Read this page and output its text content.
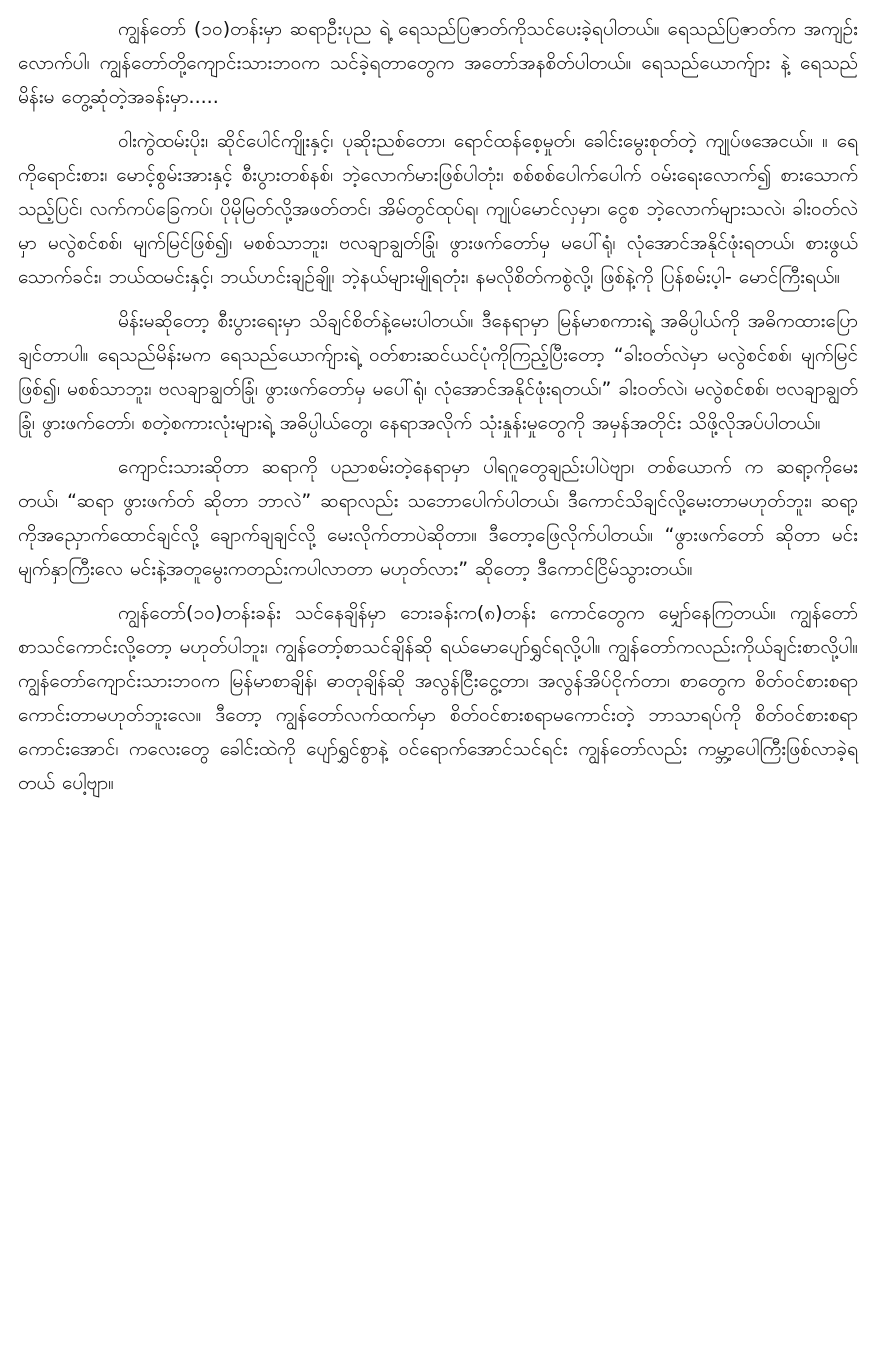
ကျွန်တော် (၁၀)တန်းမှာ ဆရာဦးပုည ရဲ့ ရေသည်ပြဇာတ်ကိုသင်ပေးခဲ့ရပါတယ်။ ရေသည်ပြဇာတ်က အကျဉ်းလောက်ပါ၊ ကျွန်တော်တို့ကျောင်းသားဘဝက သင်ခဲ့ရတာတွေက အတော်အနစိတ်ပါတယ်။ ရေသည်ယောက်ျား နဲ့ ရေသည်မိန်းမ တွေ့ဆုံတဲ့အခန်းမှာ.....

ဝါးကွဲထမ်းပိုး၊ ဆိုင်ပေါင်ကျိုးနှင့်၊ ပုဆိုးညစ်တော၊ ရောင်ထန်စေ့မှုတ်၊ ခေါင်းမွေးစုတ်တဲ့ ကျုပ်ဖအေငယ်။ ။ ရေကိုရောင်းစား၊ မောင့်စွမ်းအားနှင့် စီးပွားတစ်နစ်၊ ဘဲ့လောက်မားဖြစ်ပါတုံး၊ စစ်စစ်ပေါက်ပေါက် ဝမ်းရေးလောက်၍ စားသောက်သည့်ပြင်၊ လက်ကပ်ခြေကပ်၊ ပိုမိုမြတ်လို့အဖတ်တင်၊ အိမ်တွင်ထုပ်ရ၊ ကျုပ်မောင်လှမှာ၊ ငွေစ ဘဲ့လောက်များသလဲ၊ ခါးဝတ်လဲမှာ မလွဲစင်စစ်၊ မျက်မြင်ဖြစ်၍၊ မစစ်သာဘူး၊ ဗလချာချွတ်ခြုံ၊ ဖွားဖက်တော်မှ မပေါ်ရုံ၊ လုံအောင်အနိုင်ဖုံးရတယ်၊ စားဖွယ် သောက်ခင်း၊ ဘယ်ထမင်းနှင့်၊ ဘယ်ဟင်းချဉ်ချို၊ ဘဲ့နယ်များမျိုရတုံး၊ နမလိုစိတ်ကစွဲလို့၊ ဖြစ်နဲ့ကို ပြန်စမ်းပ့ါ- မောင်ကြီးရယ်။

မိန်းမဆိုတော့ စီးပွားရေးမှာ သိချင်စိတ်နဲ့မေးပါတယ်။ ဒီနေရာမှာ မြန်မာစကားရဲ့ အဓိပ္ပါယ်ကို အဓိကထားပြောချင်တာပါ။ ရေသည်မိန်းမက ရေသည်ယောက်ျားရဲ့ ဝတ်စားဆင်ယင်ပုံကိုကြည့်ပြီးတော့ “ခါးဝတ်လဲမှာ မလွဲစင်စစ်၊ မျက်မြင်ဖြစ်၍၊ မစစ်သာဘူး၊ ဗလချာချွတ်ခြုံ၊ ဖွားဖက်တော်မှ မပေါ်ရုံ၊ လုံအောင်အနိုင်ဖုံးရတယ်၊” ခါးဝတ်လဲ၊ မလွဲစင်စစ်၊ ဗလချာချွတ်ခြုံ၊ ဖွားဖက်တော်၊ စတဲ့စကားလုံးများရဲ့ အဓိပ္ပါယ်တွေ၊ နေရာအလိုက် သုံးနှုန်းမှုတွေကို အမှန်အတိုင်း သိဖို့လိုအပ်ပါတယ်။

ကျောင်းသားဆိုတာ ဆရာကို ပညာစမ်းတဲ့နေရာမှာ ပါရဂူတွေချည်းပါပဲဗျာ၊ တစ်ယောက် က ဆရာ့ကိုမေးတယ်၊ “ဆရာ ဖွားဖက်တ် ဆိုတာ ဘာလဲ” ဆရာလည်း သဘောပေါက်ပါတယ်၊ ဒီကောင်သိချင်လို့မေးတာမဟုတ်ဘူး၊ ဆရာ့ကိုအညှောက်ထောင်ချင်လို့ ချောက်ချချင်လို့ မေးလိုက်တာပဲဆိုတာ။ ဒီတော့ဖြေလိုက်ပါတယ်။ “ဖွားဖက်တော် ဆိုတာ မင်းမျက်နှာကြီးလေ မင်းနဲ့အတူမွေးကတည်းကပါလာတာ မဟုတ်လား” ဆိုတော့ ဒီကောင်ငြိမ်သွားတယ်။

ကျွန်တော်(၁၀)တန်းခန်း သင်နေချိန်မှာ ဘေးခန်းက(၈)တန်း ကောင်တွေက မျှော်နေကြတယ်။ ကျွန်တော်စာသင်ကောင်းလို့တော့ မဟုတ်ပါဘူး၊ ကျွန်တော့်စာသင်ချိန်ဆို ရယ်မောပျော်ရွှင်ရလို့ပါ။ ကျွန်တော်ကလည်းကိုယ်ချင်းစာလို့ပါ။ ကျွန်တော်ကျောင်းသားဘဝက မြန်မာစာချိန်၊ ဓာတုချိန်ဆို အလွန်ငြီးငွေ့တာ၊ အလွန်အိပ်ငိုက်တာ၊ စာတွေက စိတ်ဝင်စားစရာကောင်းတာမဟုတ်ဘူးလေ။ ဒီတော့ ကျွန်တော်လက်ထက်မှာ စိတ်ဝင်စားစရာမကောင်းတဲ့ ဘာသာရပ်ကို စိတ်ဝင်စားစရာကောင်းအောင်၊ ကလေးတွေ ခေါင်းထဲကို ပျော်ရွှင်စွာနဲ့ ဝင်ရောက်အောင်သင်ရင်း ကျွန်တော်လည်း ကမ္ဘာ့ပေါကြီးဖြစ်လာခဲ့ရတယ် ပေါ့ဗျာ။
